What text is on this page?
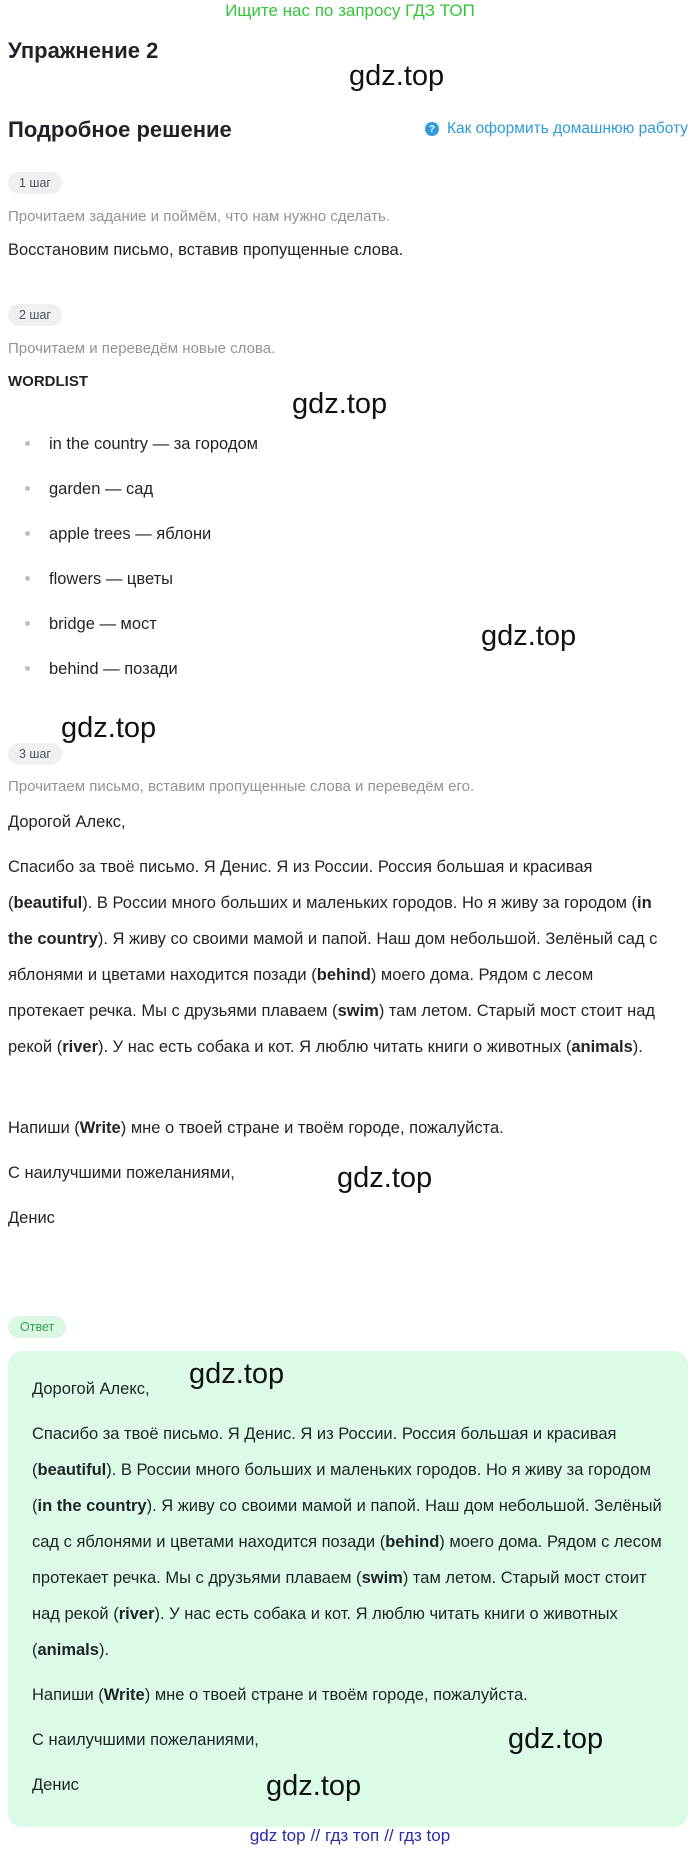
Ищите нас по запросу ГДЗ ТОП
Упражнение 2
Подробное решение	? Как оформить домашнюю работу
1 шаг
Прочитаем задание и поймём, что нам нужно сделать.
Восстановим письмо, вставив пропущенные слова.
2 шаг
Прочитаем и переведём новые слова.
WORDLIST
in the country — за городом
garden — сад
apple trees — яблони
flowers — цветы
bridge — мост
behind — позади
3 шаг
Прочитаем письмо, вставим пропущенные слова и переведём его.

Дорогой Алекс,

Спасибо за твоё письмо. Я Денис. Я из России. Россия большая и красивая (beautiful). В России много больших и маленьких городов. Но я живу за городом (in the country). Я живу со своими мамой и папой. Наш дом небольшой. Зелёный сад с яблонями и цветами находится позади (behind) моего дома. Рядом с лесом протекает речка. Мы с друзьями плаваем (swim) там летом. Старый мост стоит над рекой (river). У нас есть собака и кот. Я люблю читать книги о животных (animals).

Напиши (Write) мне о твоей стране и твоём городе, пожалуйста.

С наилучшими пожеланиями,

Денис

Ответ

Дорогой Алекс,

Спасибо за твоё письмо. Я Денис. Я из России. Россия большая и красивая (beautiful). В России много больших и маленьких городов. Но я живу за городом (in the country). Я живу со своими мамой и папой. Наш дом небольшой. Зелёный сад с яблонями и цветами находится позади (behind) моего дома. Рядом с лесом протекает речка. Мы с друзьями плаваем (swim) там летом. Старый мост стоит над рекой (river). У нас есть собака и кот. Я люблю читать книги о животных (animals).

Напиши (Write) мне о твоей стране и твоём городе, пожалуйста.

С наилучшими пожеланиями,

Денис

gdz.top
gdz.top
gdz.top
gdz.top
gdz.top
gdz.top
gdz.top
gdz.top
gdz top // гдз топ // гдз top
